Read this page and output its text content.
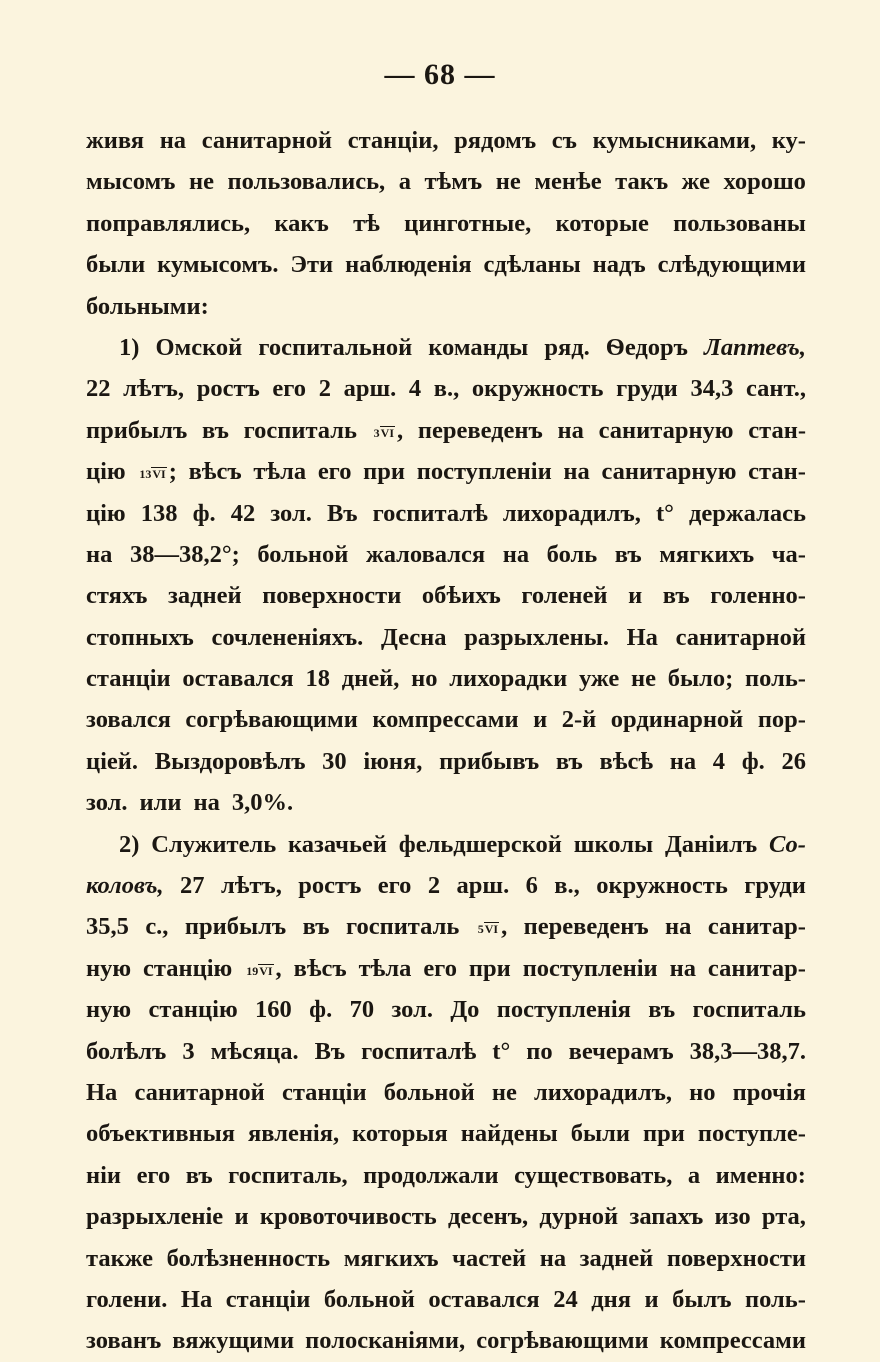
— 68 —
живя на санитарной станціи, рядомъ съ кумысниками, ку-
мысомъ не пользовались, а тѣмъ не менѣе такъ же хорошо
поправлялись, какъ тѣ цинготные, которые пользованы
были кумысомъ. Эти наблюденія сдѣланы надъ слѣдующими
больными:
1) Омской госпитальной команды ряд. Ѳедоръ Лаптевъ,
22 лѣтъ, ростъ его 2 арш. 4 в., окружность груди 34,3 сант.,
прибылъ въ госпиталь 3VI , переведенъ на санитарную стан-
цію 13VI ; вѣсъ тѣла его при поступленіи на санитарную стан-
цію 138 ф. 42 зол. Въ госпиталѣ лихорадилъ, t° держалась
на 38—38,2°; больной жаловался на боль въ мягкихъ ча-
стяхъ задней поверхности обѣихъ голеней и въ голенно-
стопныхъ сочлененіяхъ. Десна разрыхлены. На санитарной
станціи оставался 18 дней, но лихорадки уже не было; поль-
зовался согрѣвающими компрессами и 2-й ординарной пор-
ціей. Выздоровѣлъ 30 іюня, прибывъ въ вѣсѣ на 4 ф. 26
зол. или на 3,0%.
2) Служитель казачьей фельдшерской школы Даніилъ Со-
коловъ, 27 лѣтъ, ростъ его 2 арш. 6 в., окружность груди
35,5 с., прибылъ въ госпиталь 5VI , переведенъ на санитар-
ную станцію 19VI , вѣсъ тѣла его при поступленіи на санитар-
ную станцію 160 ф. 70 зол. До поступленія въ госпиталь
болѣлъ 3 мѣсяца. Въ госпиталѣ t° по вечерамъ 38,3—38,7.
На санитарной станціи больной не лихорадилъ, но прочія
объективныя явленія, которыя найдены были при поступле-
ніи его въ госпиталь, продолжали существовать, а именно:
разрыхленіе и кровоточивость десенъ, дурной запахъ изо рта,
также болѣзненность мягкихъ частей на задней поверхности
голени. На станціи больной оставался 24 дня и былъ поль-
зованъ вяжущими полосканіями, согрѣвающими компрессами
